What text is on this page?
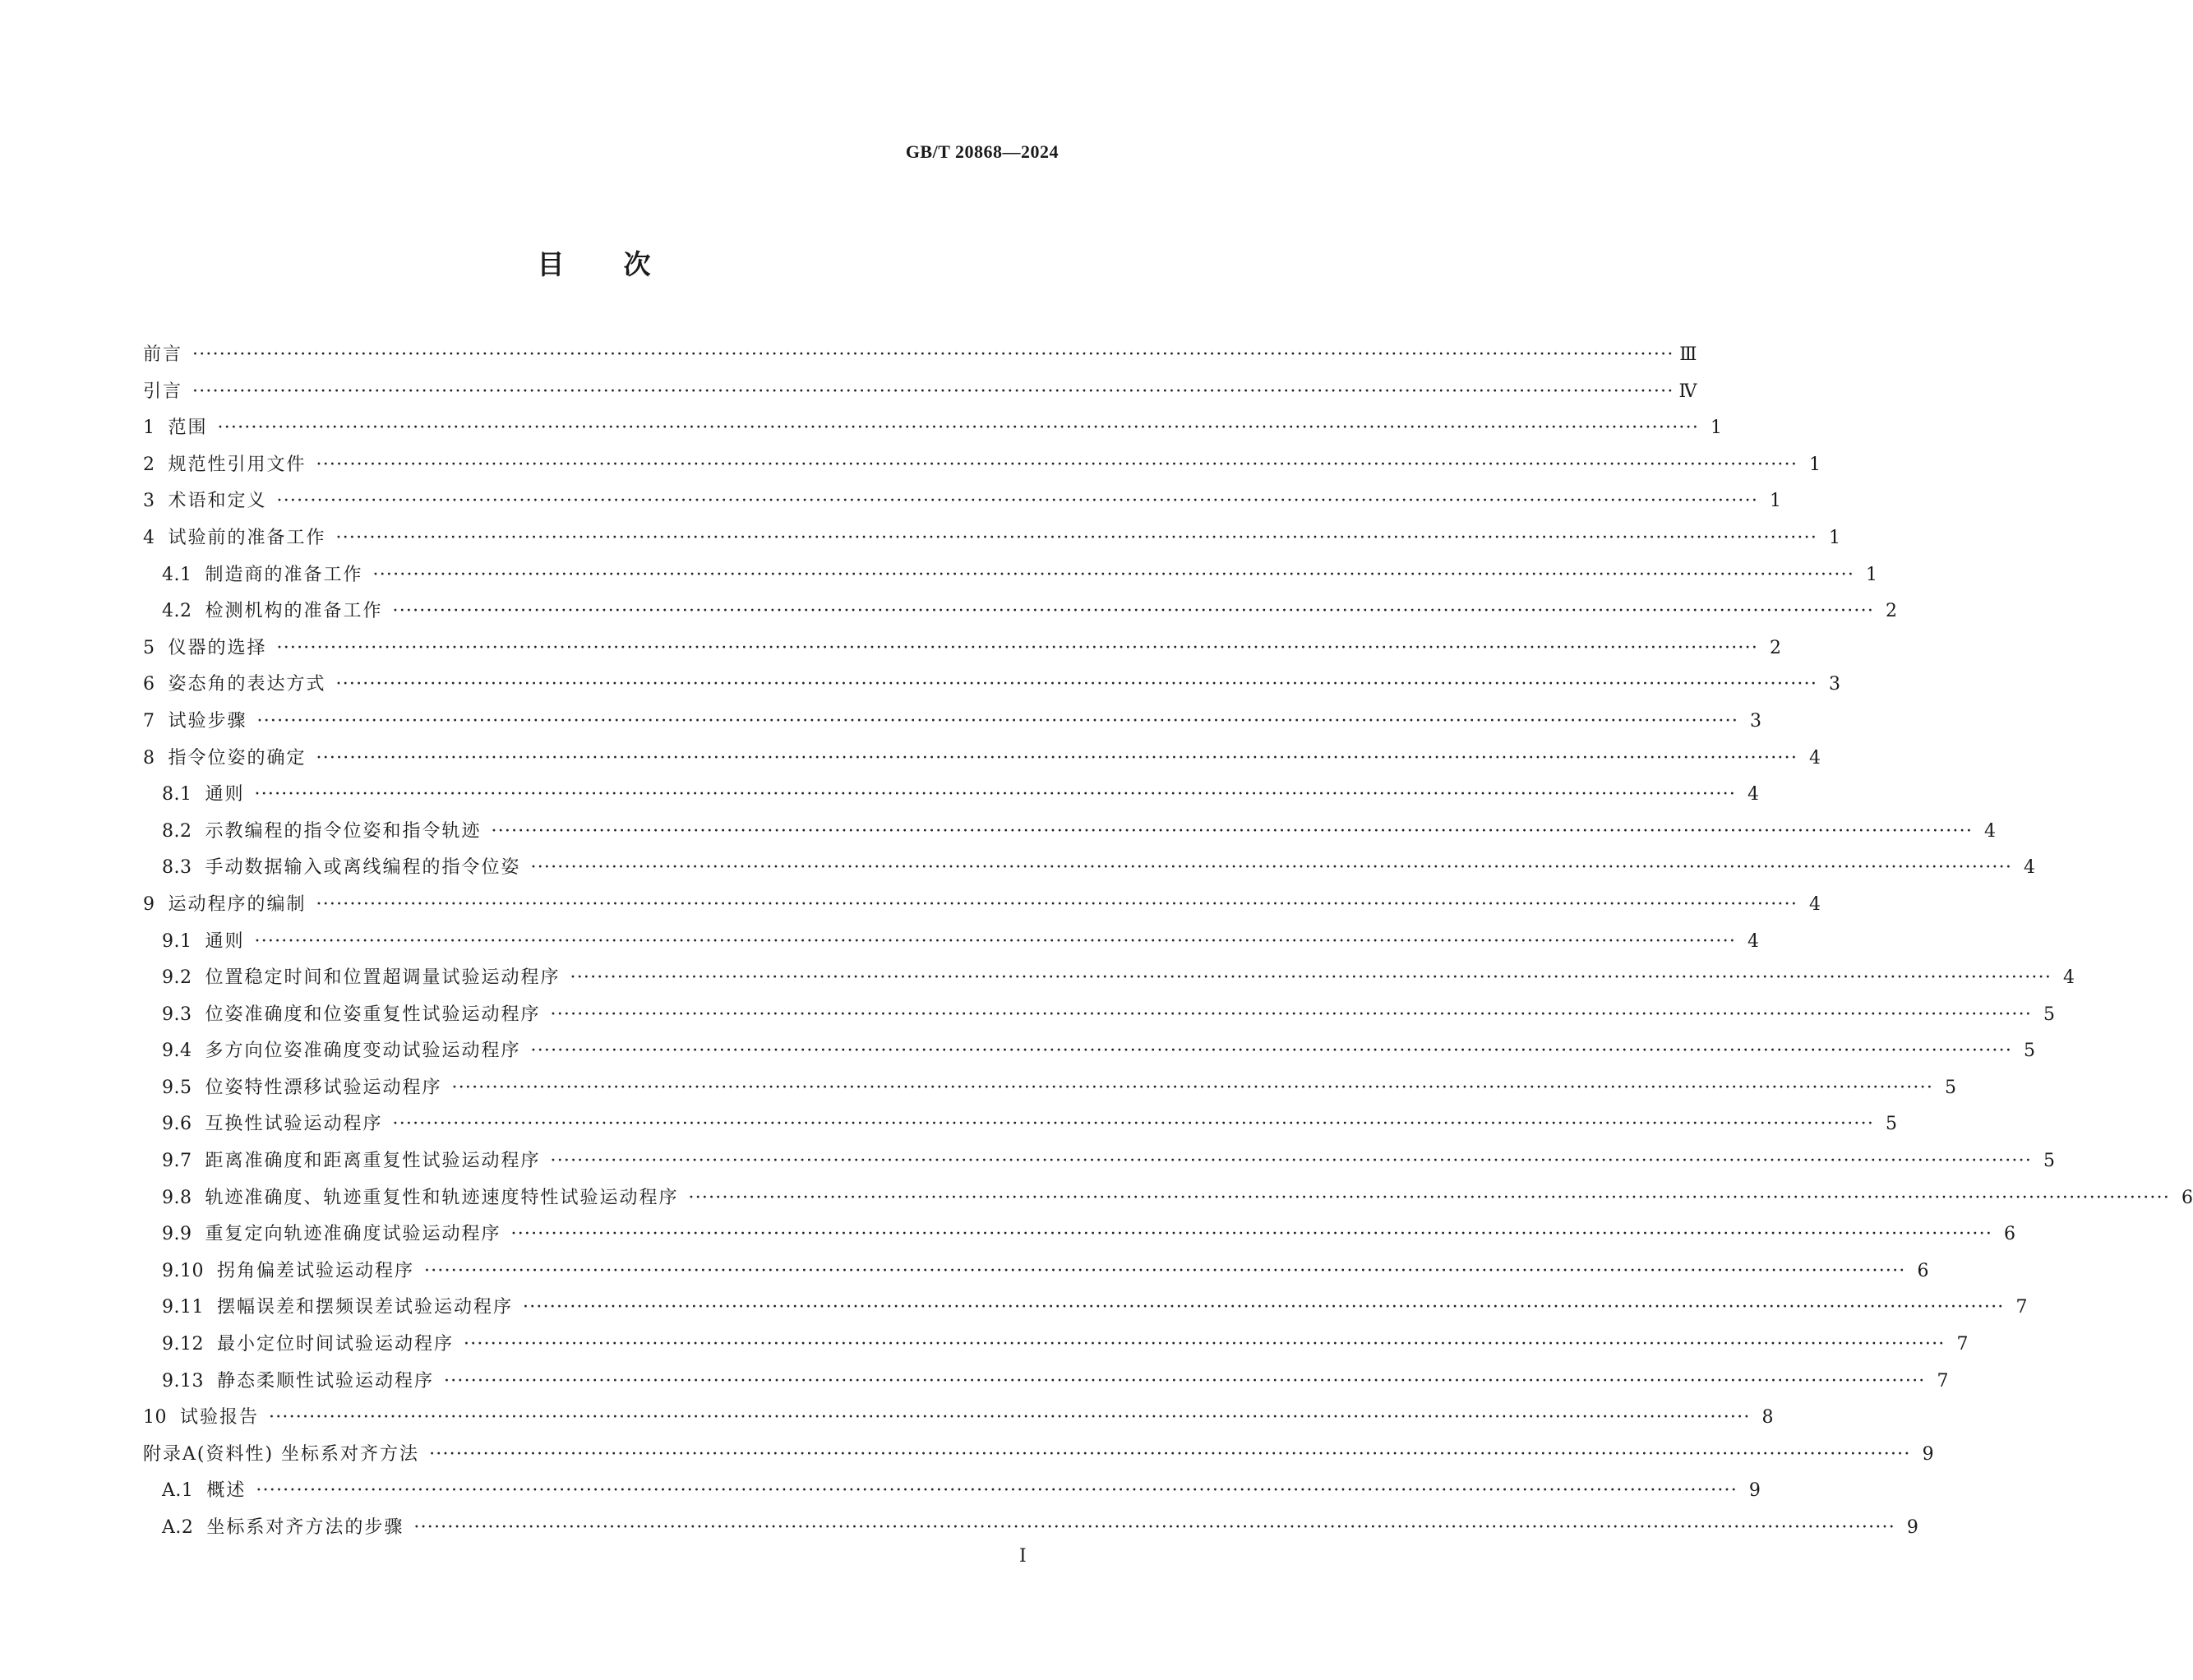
GB/T 20868—2024
目次
前言 ···························································································································································································································· Ⅲ
引言 ···························································································································································································································· Ⅳ
1 范围 ···························································································································································································································· 1
2 规范性引用文件 ···························································································································································································································· 1
3 术语和定义 ···························································································································································································································· 1
4 试验前的准备工作 ···························································································································································································································· 1
4.1 制造商的准备工作 ···························································································································································································································· 1
4.2 检测机构的准备工作 ···························································································································································································································· 2
5 仪器的选择 ···························································································································································································································· 2
6 姿态角的表达方式 ···························································································································································································································· 3
7 试验步骤 ···························································································································································································································· 3
8 指令位姿的确定 ···························································································································································································································· 4
8.1 通则 ···························································································································································································································· 4
8.2 示教编程的指令位姿和指令轨迹 ···························································································································································································································· 4
8.3 手动数据输入或离线编程的指令位姿 ···························································································································································································································· 4
9 运动程序的编制 ···························································································································································································································· 4
9.1 通则 ···························································································································································································································· 4
9.2 位置稳定时间和位置超调量试验运动程序 ···························································································································································································································· 4
9.3 位姿准确度和位姿重复性试验运动程序 ···························································································································································································································· 5
9.4 多方向位姿准确度变动试验运动程序 ···························································································································································································································· 5
9.5 位姿特性漂移试验运动程序 ···························································································································································································································· 5
9.6 互换性试验运动程序 ···························································································································································································································· 5
9.7 距离准确度和距离重复性试验运动程序 ···························································································································································································································· 5
9.8 轨迹准确度、轨迹重复性和轨迹速度特性试验运动程序 ···························································································································································································································· 6
9.9 重复定向轨迹准确度试验运动程序 ···························································································································································································································· 6
9.10 拐角偏差试验运动程序 ···························································································································································································································· 6
9.11 摆幅误差和摆频误差试验运动程序 ···························································································································································································································· 7
9.12 最小定位时间试验运动程序 ···························································································································································································································· 7
9.13 静态柔顺性试验运动程序 ···························································································································································································································· 7
10 试验报告 ···························································································································································································································· 8
附录A(资料性) 坐标系对齐方法 ···························································································································································································································· 9
A.1 概述 ···························································································································································································································· 9
A.2 坐标系对齐方法的步骤 ···························································································································································································································· 9
I
